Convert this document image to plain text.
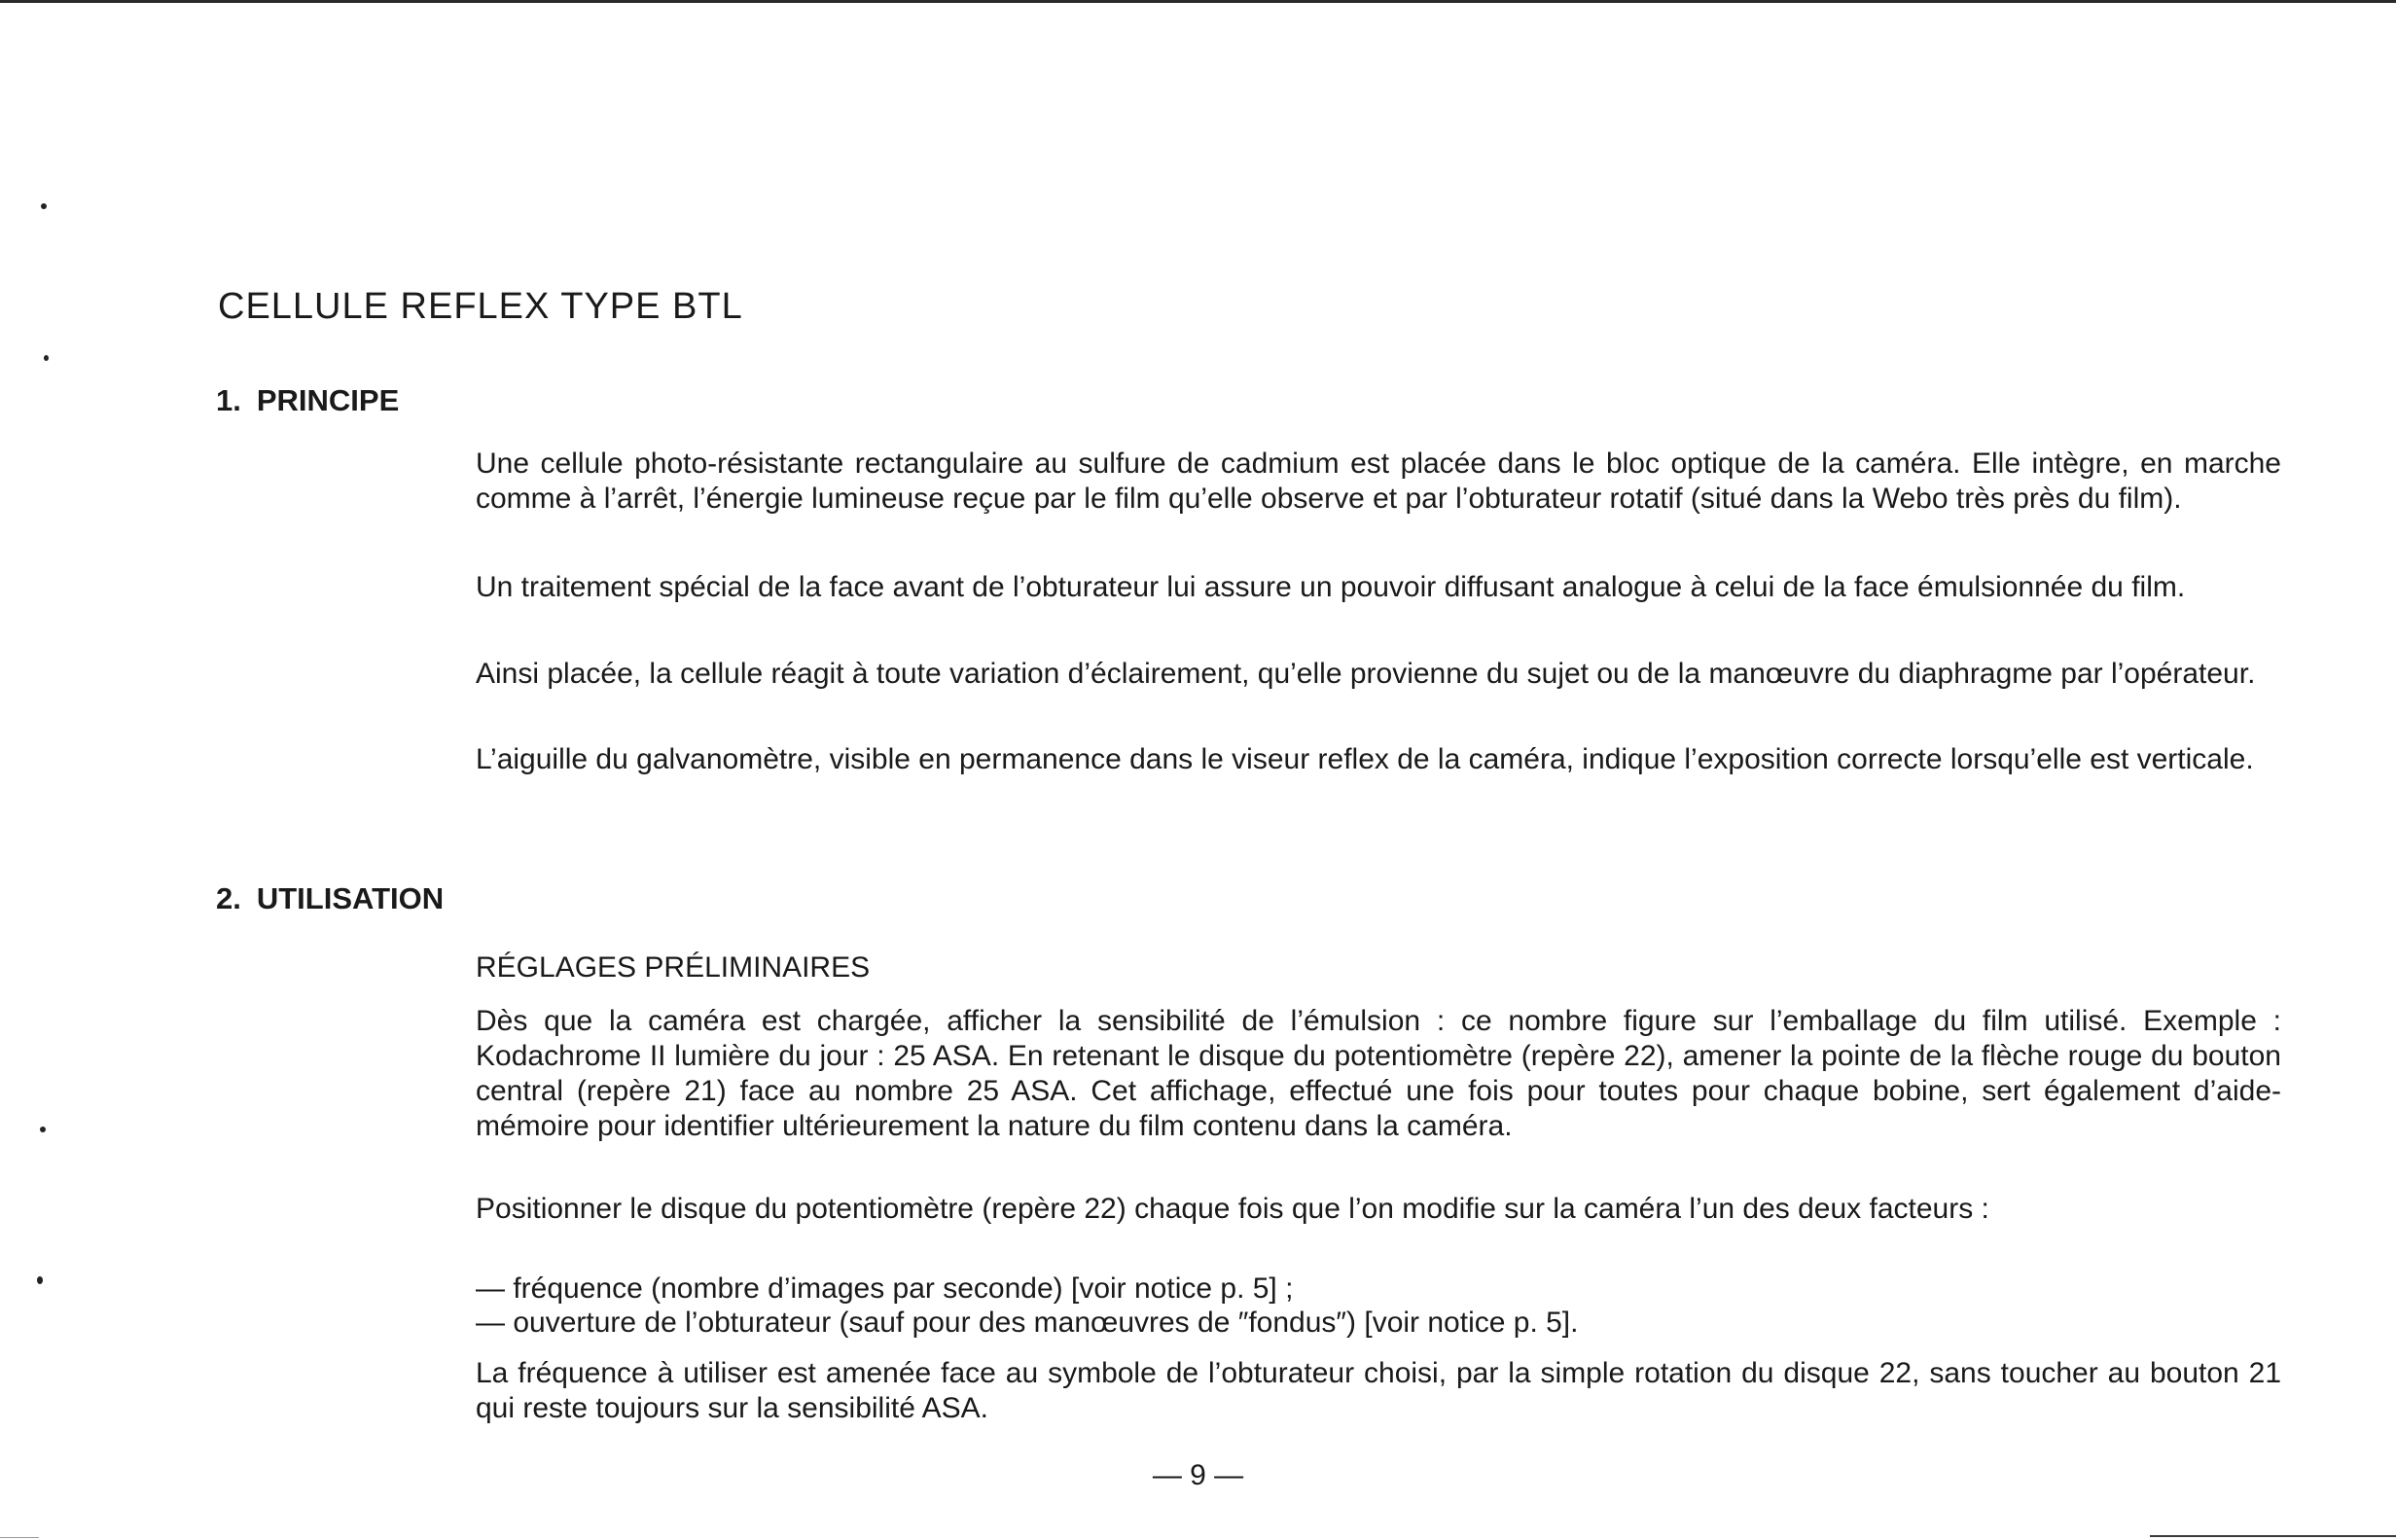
CELLULE REFLEX TYPE BTL
1. PRINCIPE

Une cellule photo-résistante rectangulaire au sulfure de cadmium est placée dans le bloc optique de la caméra. Elle intègre, en marche comme à l’arrêt, l’énergie lumineuse reçue par le film qu’elle observe et par l’obturateur rotatif (situé dans la Webo très près du film).

Un traitement spécial de la face avant de l’obturateur lui assure un pouvoir diffusant analogue à celui de la face émulsionnée du film.

Ainsi placée, la cellule réagit à toute variation d’éclairement, qu’elle provienne du sujet ou de la manœuvre du diaphragme par l’opérateur.

L’aiguille du galvanomètre, visible en permanence dans le viseur reflex de la caméra, indique l’exposition correcte lorsqu’elle est verticale.

2. UTILISATION
RÉGLAGES PRÉLIMINAIRES

Dès que la caméra est chargée, afficher la sensibilité de l’émulsion : ce nombre figure sur l’emballage du film utilisé. Exemple : Kodachrome II lumière du jour : 25 ASA. En retenant le disque du potentiomètre (repère 22), amener la pointe de la flèche rouge du bouton central (repère 21) face au nombre 25 ASA. Cet affichage, effectué une fois pour toutes pour chaque bobine, sert également d’aide-mémoire pour identifier ultérieurement la nature du film contenu dans la caméra.

Positionner le disque du potentiomètre (repère 22) chaque fois que l’on modifie sur la caméra l’un des deux facteurs :

— fréquence (nombre d’images par seconde) [voir notice p. 5] ;

— ouverture de l’obturateur (sauf pour des manœuvres de ″fondus″) [voir notice p. 5].

La fréquence à utiliser est amenée face au symbole de l’obturateur choisi, par la simple rotation du disque 22, sans toucher au bouton 21 qui reste toujours sur la sensibilité ASA.

— 9 —
